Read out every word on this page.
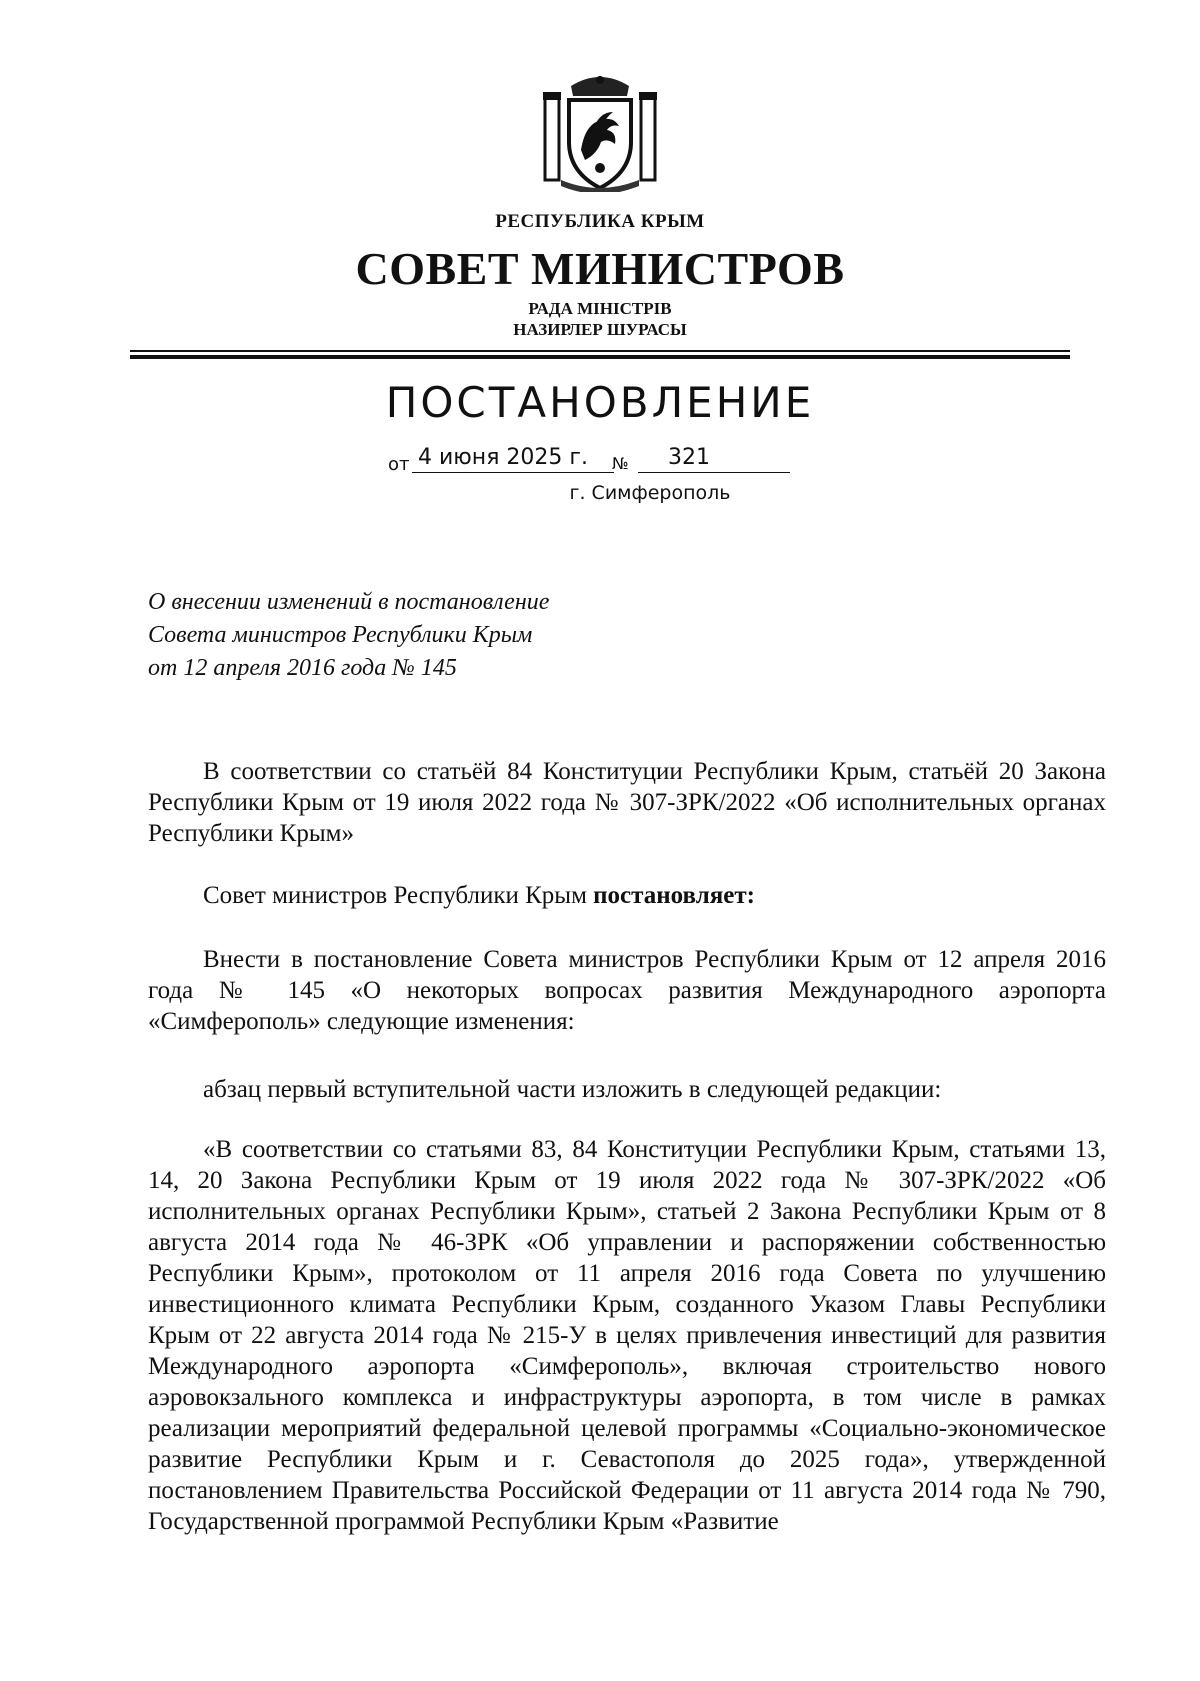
РЕСПУБЛИКА КРЫМ

СОВЕТ МИНИСТРОВ

РАДА МІНІСТРІВ

НАЗИРЛЕР ШУРАСЫ

ПОСТАНОВЛЕНИЕ
от 4 июня 2025 г.	№	321
г. Симферополь
О внесении изменений в постановление
Совета министров Республики Крым
от 12 апреля 2016 года № 145

В соответствии со статьёй 84 Конституции Республики Крым, статьёй 20 Закона Республики Крым от 19 июля 2022 года № 307-ЗРК/2022 «Об исполнительных органах Республики Крым»

Совет министров Республики Крым постановляет:

Внести в постановление Совета министров Республики Крым от 12 апреля 2016 года № 145 «О некоторых вопросах развития Международного аэропорта «Симферополь» следующие изменения:

абзац первый вступительной части изложить в следующей редакции:

«В соответствии со статьями 83, 84 Конституции Республики Крым, статьями 13, 14, 20 Закона Республики Крым от 19 июля 2022 года № 307-ЗРК/2022 «Об исполнительных органах Республики Крым», статьей 2 Закона Республики Крым от 8 августа 2014 года № 46-ЗРК «Об управлении и распоряжении собственностью Республики Крым», протоколом от 11 апреля 2016 года Совета по улучшению инвестиционного климата Республики Крым, созданного Указом Главы Республики Крым от 22 августа 2014 года № 215-У в целях привлечения инвестиций для развития Международного аэропорта «Симферополь», включая строительство нового аэровокзального комплекса и инфраструктуры аэропорта, в том числе в рамках реализации мероприятий федеральной целевой программы «Социально-экономическое развитие Республики Крым и г. Севастополя до 2025 года», утвержденной постановлением Правительства Российской Федерации от 11 августа 2014 года № 790, Государственной программой Республики Крым «Развитие
